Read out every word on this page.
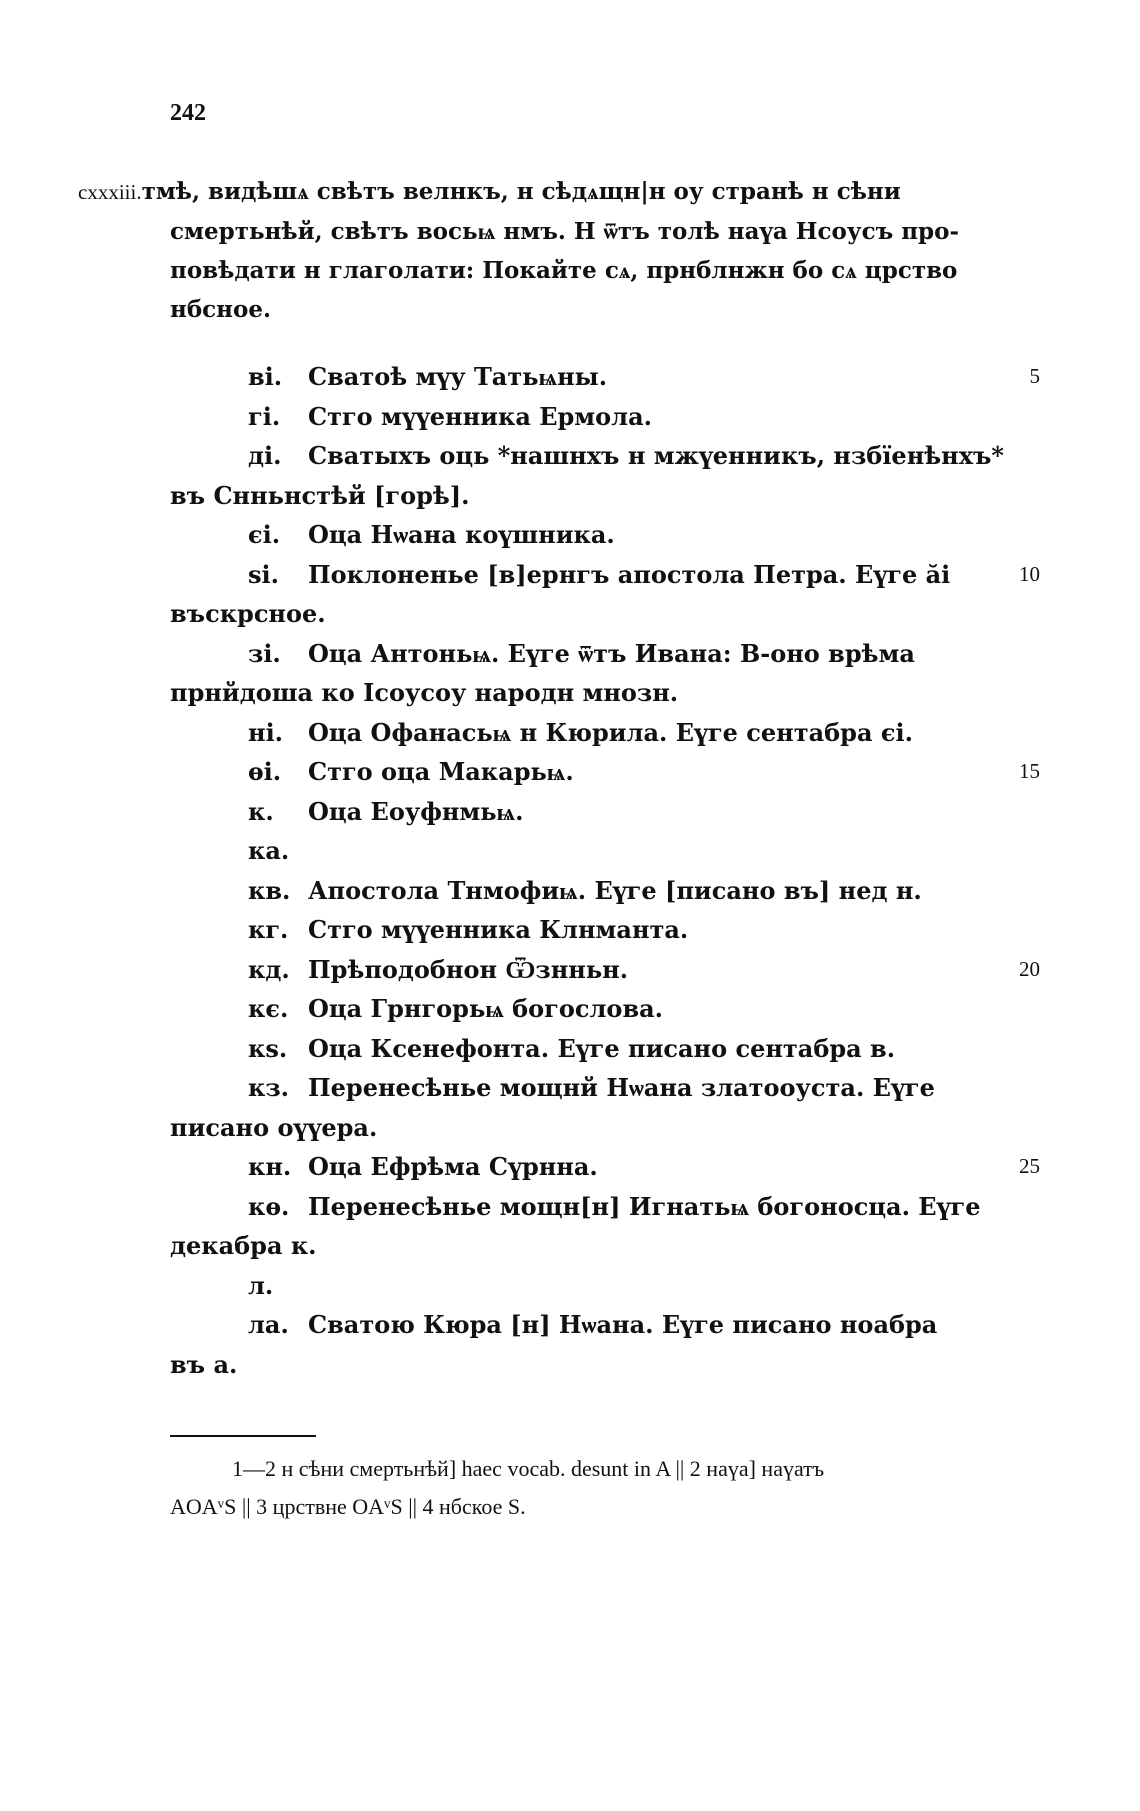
242
cxxxiii.тмѣ, видѣшѧ свѣтъ велнкъ, н сѣдѧщн|н оу странѣ н сѣни
смертьнѣй, свѣтъ восьѩ нмъ. Н ѿтъ толѣ наүа Нсоусъ про-
повѣдати н глаголати: Покайте сѧ, прнблнжн бо сѧ црство
нбсное.
вi. Сватоѣ мүу Татьѩны.	5
гi. Стго мүүенника Ермола.
дi. Сватыхъ оць *нашнхъ н мжүенникъ, нзбїенѣнхъ*
въ Снньнстѣй [горѣ].
єi. Оца Нѡана коүшника.
ѕi. Поклоненье [в]ернгъ апостола Петра. Еүге ăi	10
въскрсное.
зi. Оца Антоньѩ. Еүге ѿтъ Ивана: В-оно врѣма
прнйдоша ко Iсоусоу народн мнозн.
нi. Оца Офанасьѩ н Кюрила. Еүге сентабра єi.
ѳi. Стго оца Макарьѩ.	15
к. Оца Еоуфнмьѩ.
кa.
кв. Апостола Тнмофиѩ. Еүге [писано въ] нед н.
кг. Стго мүүенника Клнманта.
кд. Прѣподобнон Ѿзнньн.	20
кє. Оца Грнгорьѩ богослова.
кѕ. Оца Ксенефонта. Еүге писано сентабра в.
кз. Перенесѣнье мощнй Нѡана златооуста. Еүге
писано оүүера.
кн. Оца Ефрѣма Сүрнна.	25
кѳ. Перенесѣнье мощн[н] Игнатьѩ богоносца. Еүге
декабра к.
л.
лa. Сватою Кюра [н] Нѡана. Еүге писано ноабра
въ а.
1—2 н сѣни смертьнѣй] haec vocab. desunt in A || 2 наүа] наүатъ
AOAᵛS || 3 црствне OAᵛS || 4 нбское S.
